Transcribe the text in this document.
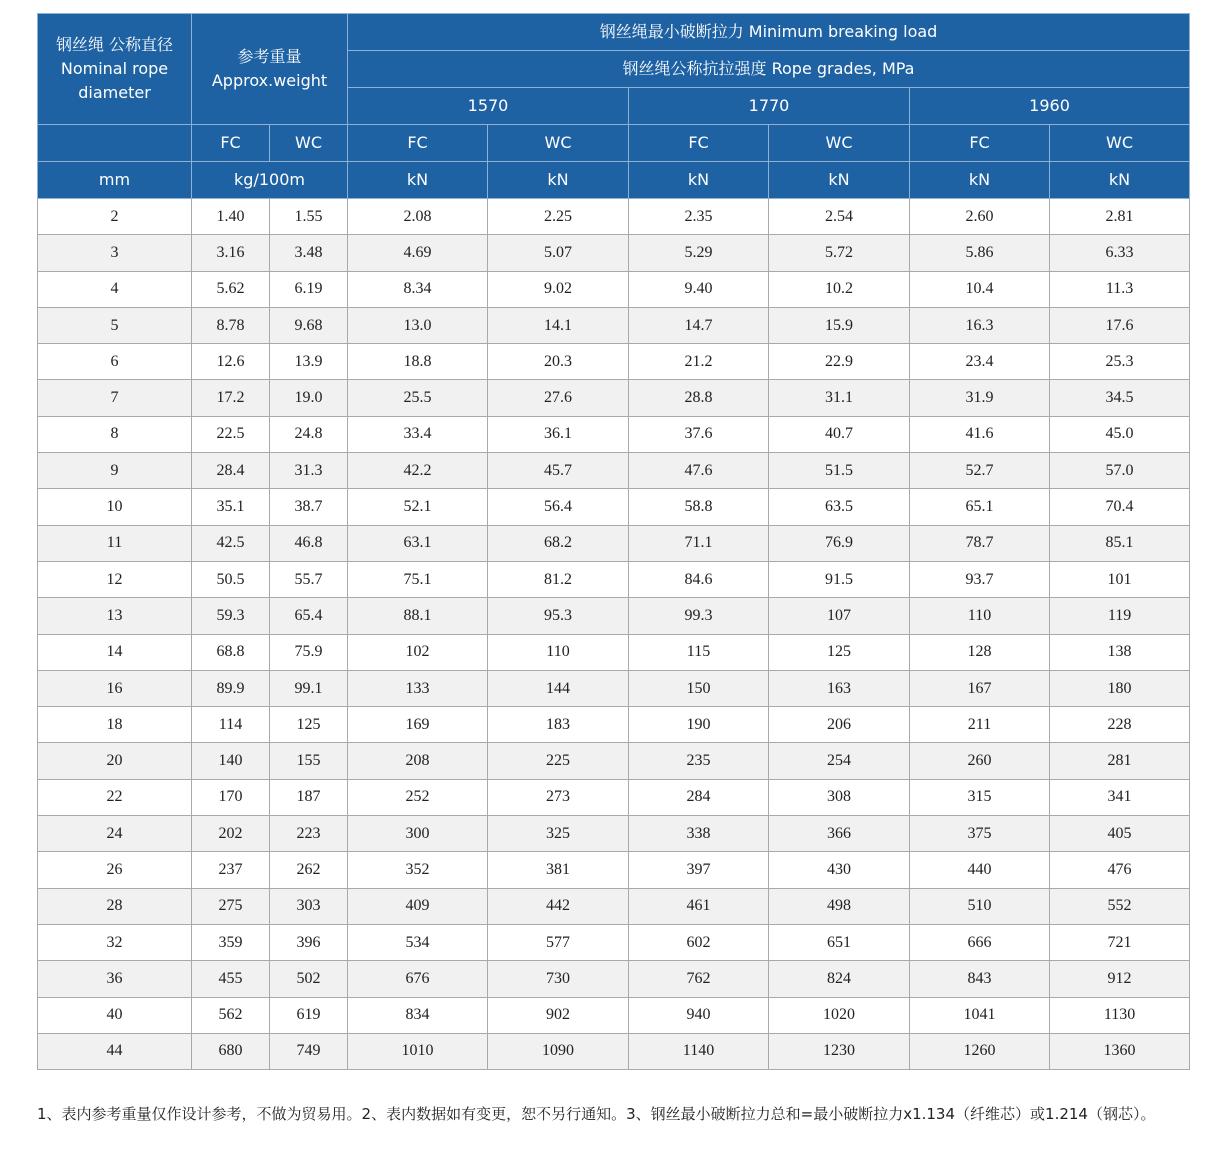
钢丝绳 公称直径 Nominal rope diameter	参考重量 Approx.weight		钢丝绳最小破断拉力 Minimum breaking load					
			钢丝绳公称抗拉强度 Rope grades, MPa					
			1570		1770		1960	
	FC	WC	FC	WC	FC	WC	FC	WC
mm	kg/100m		kN	kN	kN	kN	kN	kN
2	1.40	1.55	2.08	2.25	2.35	2.54	2.60	2.81
3	3.16	3.48	4.69	5.07	5.29	5.72	5.86	6.33
4	5.62	6.19	8.34	9.02	9.40	10.2	10.4	11.3
5	8.78	9.68	13.0	14.1	14.7	15.9	16.3	17.6
6	12.6	13.9	18.8	20.3	21.2	22.9	23.4	25.3
7	17.2	19.0	25.5	27.6	28.8	31.1	31.9	34.5
8	22.5	24.8	33.4	36.1	37.6	40.7	41.6	45.0
9	28.4	31.3	42.2	45.7	47.6	51.5	52.7	57.0
10	35.1	38.7	52.1	56.4	58.8	63.5	65.1	70.4
11	42.5	46.8	63.1	68.2	71.1	76.9	78.7	85.1
12	50.5	55.7	75.1	81.2	84.6	91.5	93.7	101
13	59.3	65.4	88.1	95.3	99.3	107	110	119
14	68.8	75.9	102	110	115	125	128	138
16	89.9	99.1	133	144	150	163	167	180
18	114	125	169	183	190	206	211	228
20	140	155	208	225	235	254	260	281
22	170	187	252	273	284	308	315	341
24	202	223	300	325	338	366	375	405
26	237	262	352	381	397	430	440	476
28	275	303	409	442	461	498	510	552
32	359	396	534	577	602	651	666	721
36	455	502	676	730	762	824	843	912
40	562	619	834	902	940	1020	1041	1130
44	680	749	1010	1090	1140	1230	1260	1360
1、表内参考重量仅作设计参考，不做为贸易用。2、表内数据如有变更，恕不另行通知。3、钢丝最小破断拉力总和=最小破断拉力x1.134（纤维芯）或1.214（钢芯）。
